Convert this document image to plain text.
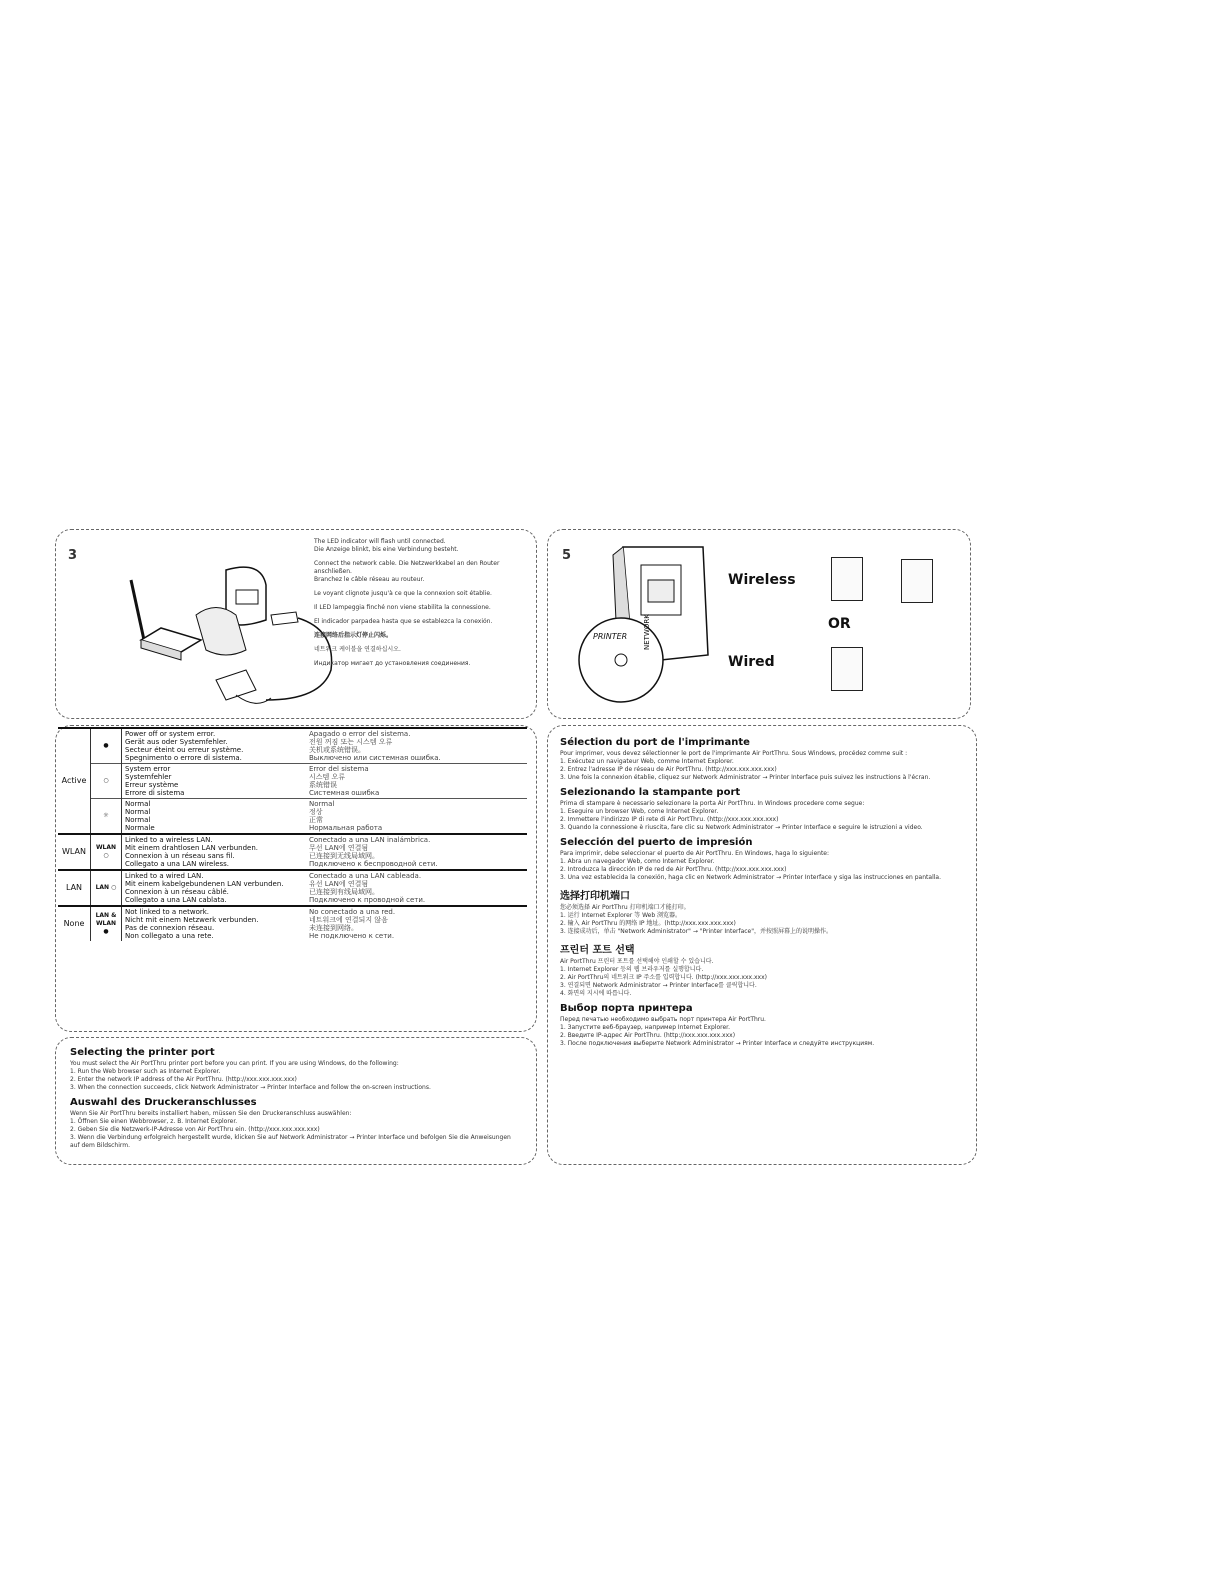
3
The LED indicator will flash until connected.
Die Anzeige blinkt, bis eine Verbindung besteht.
Connect the network cable. Die Netzwerkkabel an den Router anschließen.
Branchez le câble réseau au routeur.
Le voyant clignote jusqu'à ce que la connexion soit établie.
Il LED lampeggia finché non viene stabilita la connessione.
El indicador parpadea hasta que se establezca la conexión.
连接网络后指示灯停止闪烁。
네트워크 케이블을 연결하십시오.
Индикатор мигает до установления соединения.
5
PRINTER NETWORK
Wireless
OR
Wired
Active	●	Power off or system error.
Gerät aus oder Systemfehler.
Secteur éteint ou erreur système.
Spegnimento o errore di sistema.	Apagado o error del sistema.
전원 꺼짐 또는 시스템 오류
关机或系统错误。
Выключено или системная ошибка.
	○	System error
Systemfehler
Erreur système
Errore di sistema	Error del sistema
시스템 오류
系统错误
Системная ошибка
	☼	Normal
Normal
Normal
Normale	Normal
정상
正常
Нормальная работа
WLAN	WLAN ○	Linked to a wireless LAN.
Mit einem drahtlosen LAN verbunden.
Connexion à un réseau sans fil.
Collegato a una LAN wireless.	Conectado a una LAN inalámbrica.
무선 LAN에 연결됨
已连接到无线局域网。
Подключено к беспроводной сети.
LAN	LAN ○	Linked to a wired LAN.
Mit einem kabelgebundenen LAN verbunden.
Connexion à un réseau câblé.
Collegato a una LAN cablata.	Conectado a una LAN cableada.
유선 LAN에 연결됨
已连接到有线局域网。
Подключено к проводной сети.
None	LAN & WLAN ●	Not linked to a network.
Nicht mit einem Netzwerk verbunden.
Pas de connexion réseau.
Non collegato a una rete.	No conectado a una red.
네트워크에 연결되지 않음
未连接到网络。
Не подключено к сети.
Selecting the printer port
You must select the Air PortThru printer port before you can print. If you are using Windows, do the following:
1. Run the Web browser such as Internet Explorer.
2. Enter the network IP address of the Air PortThru. (http://xxx.xxx.xxx.xxx)
3. When the connection succeeds, click Network Administrator → Printer Interface and follow the on-screen instructions.
Auswahl des Druckeranschlusses
Wenn Sie Air PortThru bereits installiert haben, müssen Sie den Druckeranschluss auswählen:
1. Öffnen Sie einen Webbrowser, z. B. Internet Explorer.
2. Geben Sie die Netzwerk-IP-Adresse von Air PortThru ein. (http://xxx.xxx.xxx.xxx)
3. Wenn die Verbindung erfolgreich hergestellt wurde, klicken Sie auf Network Administrator → Printer Interface und befolgen Sie die Anweisungen auf dem Bildschirm.
Sélection du port de l'imprimante
Pour imprimer, vous devez sélectionner le port de l'imprimante Air PortThru. Sous Windows, procédez comme suit :
1. Exécutez un navigateur Web, comme Internet Explorer.
2. Entrez l'adresse IP de réseau de Air PortThru. (http://xxx.xxx.xxx.xxx)
3. Une fois la connexion établie, cliquez sur Network Administrator → Printer Interface puis suivez les instructions à l'écran.
Selezionando la stampante port
Prima di stampare è necessario selezionare la porta Air PortThru. In Windows procedere come segue:
1. Eseguire un browser Web, come Internet Explorer.
2. Immettere l'indirizzo IP di rete di Air PortThru. (http://xxx.xxx.xxx.xxx)
3. Quando la connessione è riuscita, fare clic su Network Administrator → Printer Interface e seguire le istruzioni a video.
Selección del puerto de impresión
Para imprimir, debe seleccionar el puerto de Air PortThru. En Windows, haga lo siguiente:
1. Abra un navegador Web, como Internet Explorer.
2. Introduzca la dirección IP de red de Air PortThru. (http://xxx.xxx.xxx.xxx)
3. Una vez establecida la conexión, haga clic en Network Administrator → Printer Interface y siga las instrucciones en pantalla.
选择打印机端口
您必须选择 Air PortThru 打印机端口才能打印。
1. 运行 Internet Explorer 等 Web 浏览器。
2. 输入 Air PortThru 的网络 IP 地址。(http://xxx.xxx.xxx.xxx)
3. 连接成功后，单击 "Network Administrator" → "Printer Interface"，并按照屏幕上的说明操作。
프린터 포트 선택
Air PortThru 프린터 포트를 선택해야 인쇄할 수 있습니다.
1. Internet Explorer 등의 웹 브라우저를 실행합니다.
2. Air PortThru의 네트워크 IP 주소를 입력합니다. (http://xxx.xxx.xxx.xxx)
3. 연결되면 Network Administrator → Printer Interface를 클릭합니다.
4. 화면의 지시에 따릅니다.
Выбор порта принтера
Перед печатью необходимо выбрать порт принтера Air PortThru.
1. Запустите веб-браузер, например Internet Explorer.
2. Введите IP-адрес Air PortThru. (http://xxx.xxx.xxx.xxx)
3. После подключения выберите Network Administrator → Printer Interface и следуйте инструкциям.
